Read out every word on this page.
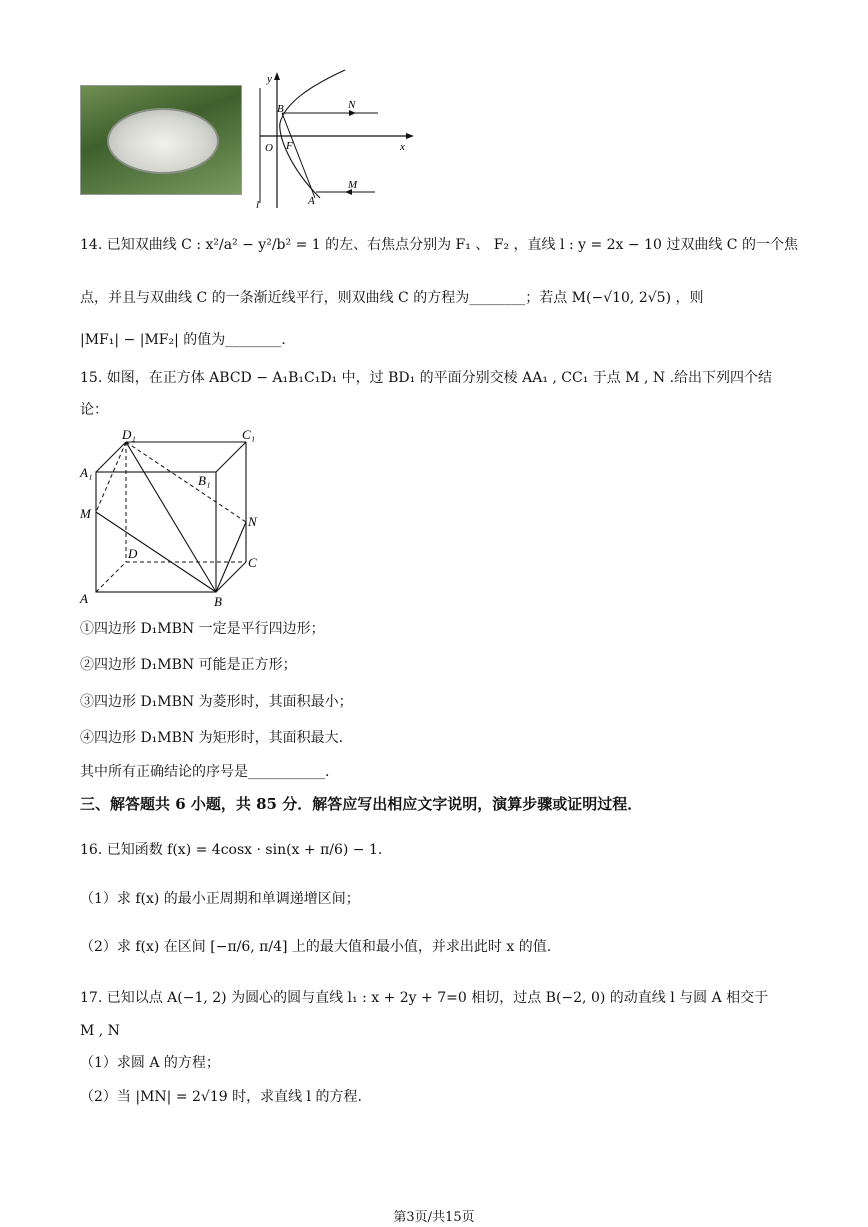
y
x
O F
B
A
N
M
l
14. 已知双曲线 C : x²/a² − y²/b² = 1 的左、右焦点分别为 F₁ 、 F₂ ，直线 l : y = 2x − 10 过双曲线 C 的一个焦
点，并且与双曲线 C 的一条渐近线平行，则双曲线 C 的方程为________；若点 M(−√10, 2√5) ，则
|MF₁| − |MF₂| 的值为________.
15. 如图，在正方体 ABCD − A₁B₁C₁D₁ 中，过 BD₁ 的平面分别交棱 AA₁ , CC₁ 于点 M , N .给出下列四个结
论：
D₁	C₁
A₁
B₁
M
N
D
C
A	B
①四边形 D₁MBN 一定是平行四边形；
②四边形 D₁MBN 可能是正方形；
③四边形 D₁MBN 为菱形时，其面积最小；
④四边形 D₁MBN 为矩形时，其面积最大.
其中所有正确结论的序号是___________.
三、解答题共 6 小题，共 85 分．解答应写出相应文字说明，演算步骤或证明过程．
16. 已知函数 f(x) = 4cosx · sin(x + π/6) − 1.
（1）求 f(x) 的最小正周期和单调递增区间；
（2）求 f(x) 在区间 [−π/6, π/4] 上的最大值和最小值，并求出此时 x 的值.
17. 已知以点 A(−1, 2) 为圆心的圆与直线 l₁ : x + 2y + 7=0 相切，过点 B(−2, 0) 的动直线 l 与圆 A 相交于
M , N
（1）求圆 A 的方程；
（2）当 |MN| = 2√19 时，求直线 l 的方程.
第3页/共15页
